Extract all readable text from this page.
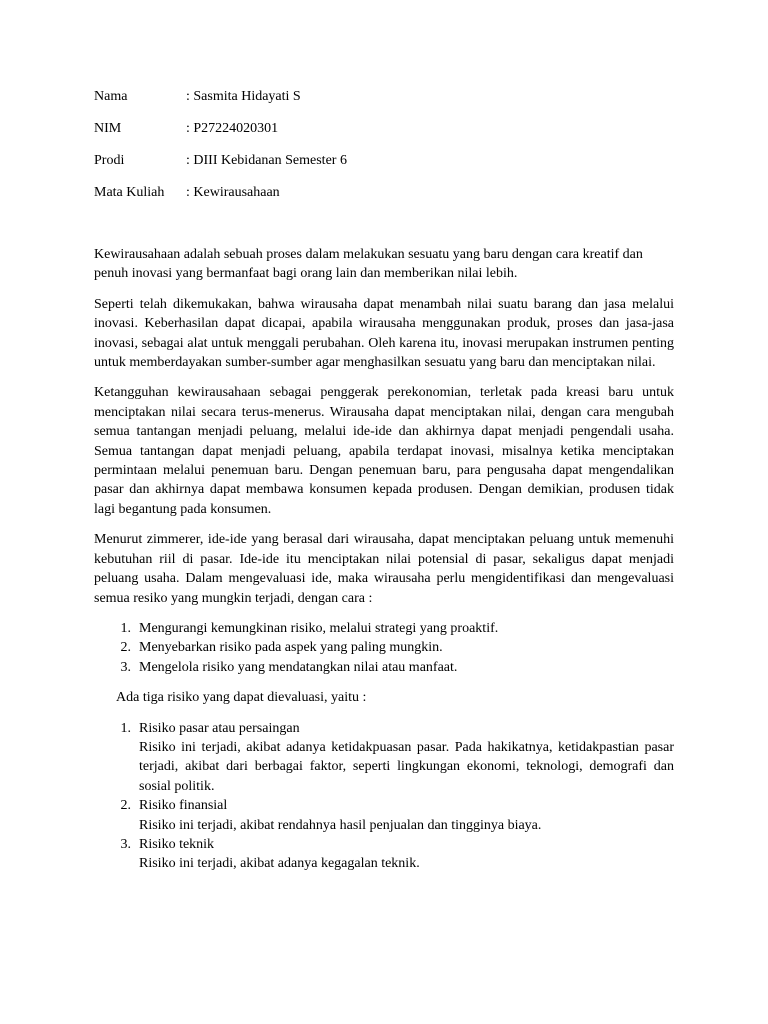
Nama	: Sasmita Hidayati S
NIM	: P27224020301
Prodi	: DIII Kebidanan Semester 6
Mata Kuliah	: Kewirausahaan

Kewirausahaan adalah sebuah proses dalam melakukan sesuatu yang baru dengan cara kreatif dan penuh inovasi yang bermanfaat bagi orang lain dan memberikan nilai lebih.

Seperti telah dikemukakan, bahwa wirausaha dapat menambah nilai suatu barang dan jasa melalui inovasi. Keberhasilan dapat dicapai, apabila wirausaha menggunakan produk, proses dan jasa-jasa inovasi, sebagai alat untuk menggali perubahan. Oleh karena itu, inovasi merupakan instrumen penting untuk memberdayakan sumber-sumber agar menghasilkan sesuatu yang baru dan menciptakan nilai.

Ketangguhan kewirausahaan sebagai penggerak perekonomian, terletak pada kreasi baru untuk menciptakan nilai secara terus-menerus. Wirausaha dapat menciptakan nilai, dengan cara mengubah semua tantangan menjadi peluang, melalui ide-ide dan akhirnya dapat menjadi pengendali usaha. Semua tantangan dapat menjadi peluang, apabila terdapat inovasi, misalnya ketika menciptakan permintaan melalui penemuan baru. Dengan penemuan baru, para pengusaha dapat mengendalikan pasar dan akhirnya dapat membawa konsumen kepada produsen. Dengan demikian, produsen tidak lagi begantung pada konsumen.

Menurut zimmerer, ide-ide yang berasal dari wirausaha, dapat menciptakan peluang untuk memenuhi kebutuhan riil di pasar. Ide-ide itu menciptakan nilai potensial di pasar, sekaligus dapat menjadi peluang usaha. Dalam mengevaluasi ide, maka wirausaha perlu mengidentifikasi dan mengevaluasi semua resiko yang mungkin terjadi, dengan cara :

1. Mengurangi kemungkinan risiko, melalui strategi yang proaktif.
2. Menyebarkan risiko pada aspek yang paling mungkin.
3. Mengelola risiko yang mendatangkan nilai atau manfaat.

Ada tiga risiko yang dapat dievaluasi, yaitu :

1. Risiko pasar atau persaingan
Risiko ini terjadi, akibat adanya ketidakpuasan pasar. Pada hakikatnya, ketidakpastian pasar terjadi, akibat dari berbagai faktor, seperti lingkungan ekonomi, teknologi, demografi dan sosial politik.
2. Risiko finansial
Risiko ini terjadi, akibat rendahnya hasil penjualan dan tingginya biaya.
3. Risiko teknik
Risiko ini terjadi, akibat adanya kegagalan teknik.
